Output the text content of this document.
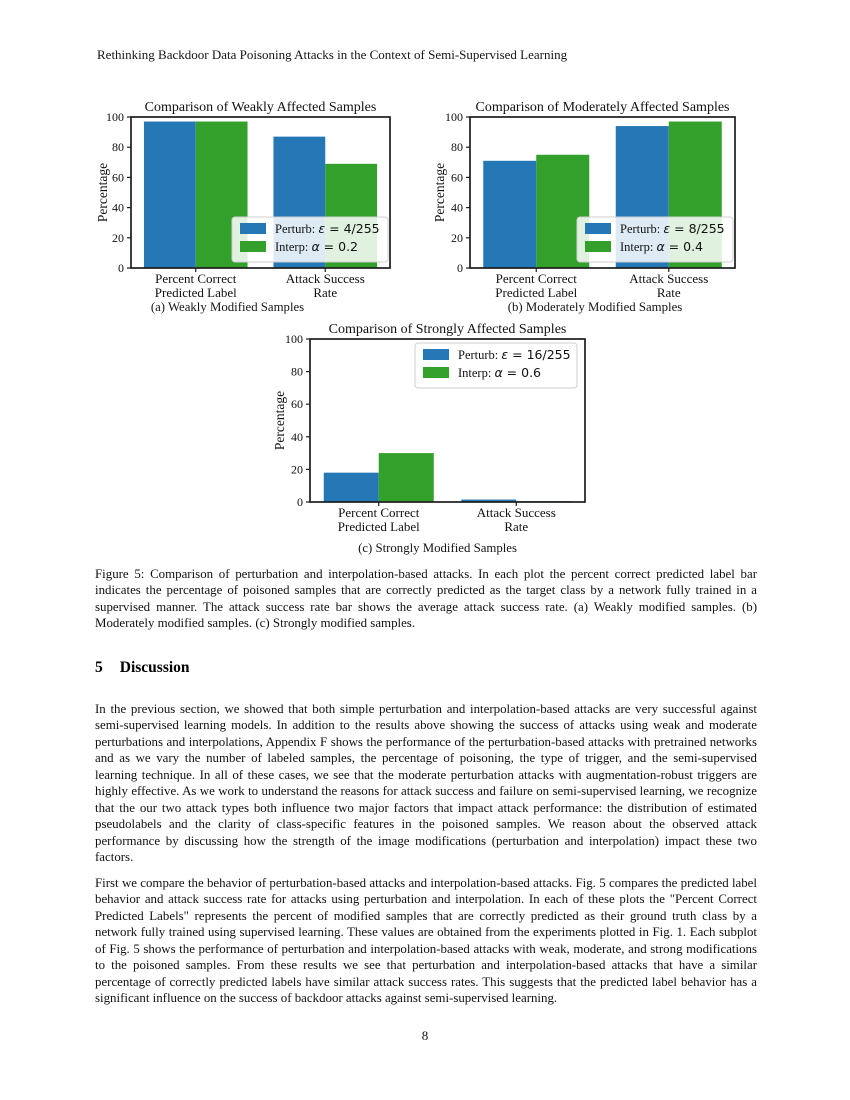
Rethinking Backdoor Data Poisoning Attacks in the Context of Semi-Supervised Learning
Comparison of Weakly Affected Samples
Percentage
0
20
40
60
80
100
Percent Correct
Predicted Label
Attack Success
Rate
Perturb: ε = 4/255
Interp: α = 0.2
Comparison of Moderately Affected Samples
Percentage
0
20
40
60
80
100
Percent Correct
Predicted Label
Attack Success
Rate
Perturb: ε = 8/255
Interp: α = 0.4
Comparison of Strongly Affected Samples
Percentage
0
20
40
60
80
100
Percent Correct
Predicted Label
Attack Success
Rate
Perturb: ε = 16/255
Interp: α = 0.6
(a) Weakly Modified Samples	(b) Moderately Modified Samples
(c) Strongly Modified Samples
Figure 5: Comparison of perturbation and interpolation-based attacks. In each plot the percent correct predicted label bar indicates the percentage of poisoned samples that are correctly predicted as the target class by a network fully trained in a supervised manner. The attack success rate bar shows the average attack success rate. (a) Weakly modified samples. (b) Moderately modified samples. (c) Strongly modified samples.
5 Discussion

In the previous section, we showed that both simple perturbation and interpolation-based attacks are very successful against semi-supervised learning models. In addition to the results above showing the success of attacks using weak and moderate perturbations and interpolations, Appendix F shows the performance of the perturbation-based attacks with pretrained networks and as we vary the number of labeled samples, the percentage of poisoning, the type of trigger, and the semi-supervised learning technique. In all of these cases, we see that the moderate perturbation attacks with augmentation-robust triggers are highly effective. As we work to understand the reasons for attack success and failure on semi-supervised learning, we recognize that the our two attack types both influence two major factors that impact attack performance: the distribution of estimated pseudolabels and the clarity of class-specific features in the poisoned samples. We reason about the observed attack performance by discussing how the strength of the image modifications (perturbation and interpolation) impact these two factors.

First we compare the behavior of perturbation-based attacks and interpolation-based attacks. Fig. 5 compares the predicted label behavior and attack success rate for attacks using perturbation and interpolation. In each of these plots the "Percent Correct Predicted Labels" represents the percent of modified samples that are correctly predicted as their ground truth class by a network fully trained using supervised learning. These values are obtained from the experiments plotted in Fig. 1. Each subplot of Fig. 5 shows the performance of perturbation and interpolation-based attacks with weak, moderate, and strong modifications to the poisoned samples. From these results we see that perturbation and interpolation-based attacks that have a similar percentage of correctly predicted labels have similar attack success rates. This suggests that the predicted label behavior has a significant influence on the success of backdoor attacks against semi-supervised learning.

8
